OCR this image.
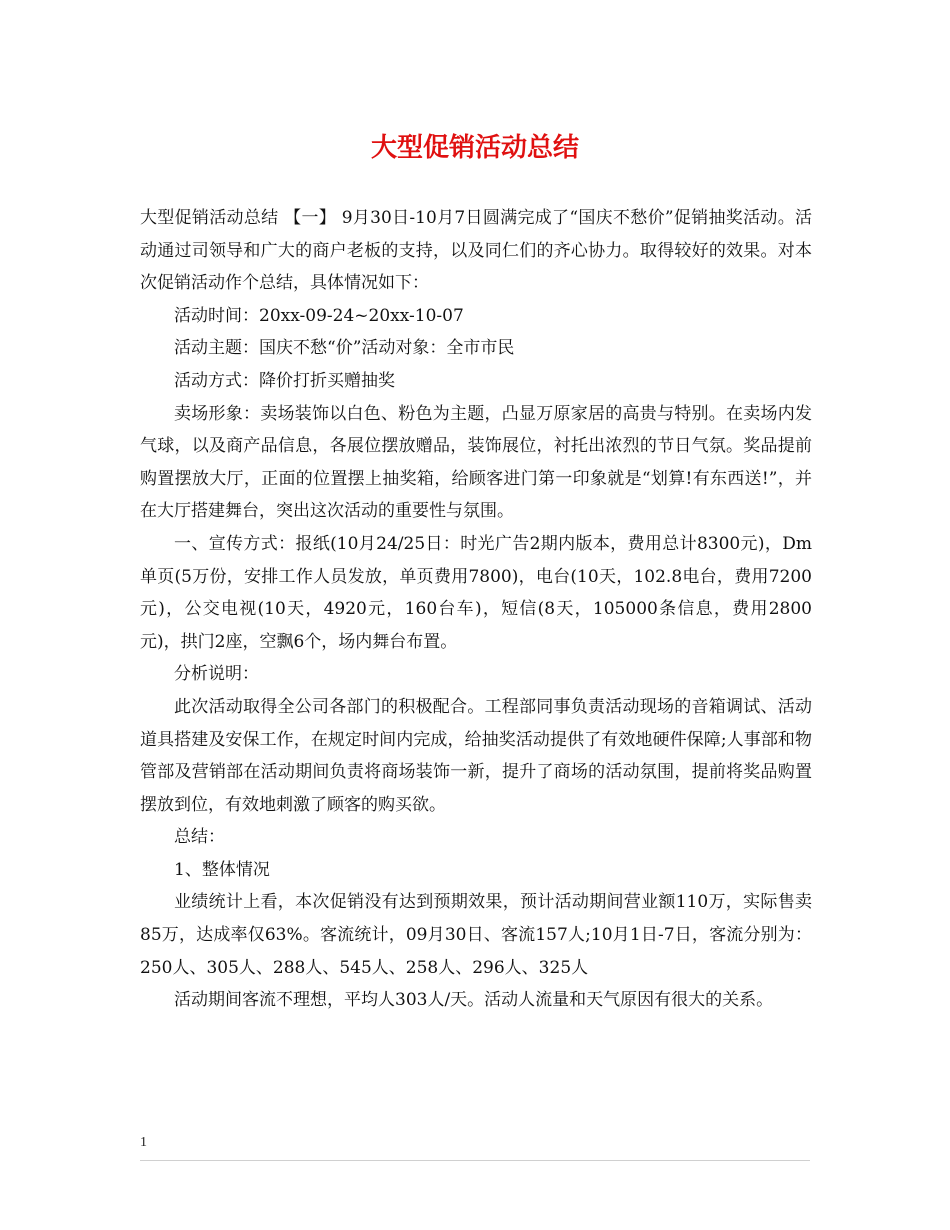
大型促销活动总结

大型促销活动总结 【一】 9月30日-10月7日圆满完成了“国庆不愁价”促销抽奖活动。活动通过司领导和广大的商户老板的支持，以及同仁们的齐心协力。取得较好的效果。对本次促销活动作个总结，具体情况如下：

活动时间：20xx-09-24~20xx-10-07

活动主题：国庆不愁“价”活动对象：全市市民

活动方式：降价打折买赠抽奖

卖场形象：卖场装饰以白色、粉色为主题，凸显万原家居的高贵与特别。在卖场内发气球，以及商产品信息，各展位摆放赠品，装饰展位，衬托出浓烈的节日气氛。奖品提前购置摆放大厅，正面的位置摆上抽奖箱，给顾客进门第一印象就是“划算!有东西送!”，并在大厅搭建舞台，突出这次活动的重要性与氛围。

一、宣传方式：报纸(10月24/25日：时光广告2期内版本，费用总计8300元)，Dm单页(5万份，安排工作人员发放，单页费用7800)，电台(10天，102.8电台，费用7200元)，公交电视(10天，4920元，160台车)，短信(8天，105000条信息，费用2800元)，拱门2座，空飘6个，场内舞台布置。

分析说明：

此次活动取得全公司各部门的积极配合。工程部同事负责活动现场的音箱调试、活动道具搭建及安保工作，在规定时间内完成，给抽奖活动提供了有效地硬件保障;人事部和物管部及营销部在活动期间负责将商场装饰一新，提升了商场的活动氛围，提前将奖品购置摆放到位，有效地刺激了顾客的购买欲。

总结：

1、整体情况

业绩统计上看，本次促销没有达到预期效果，预计活动期间营业额110万，实际售卖85万，达成率仅63%。客流统计，09月30日、客流157人;10月1日-7日，客流分别为：250人、305人、288人、545人、258人、296人、325人

活动期间客流不理想，平均人303人/天。活动人流量和天气原因有很大的关系。

1
